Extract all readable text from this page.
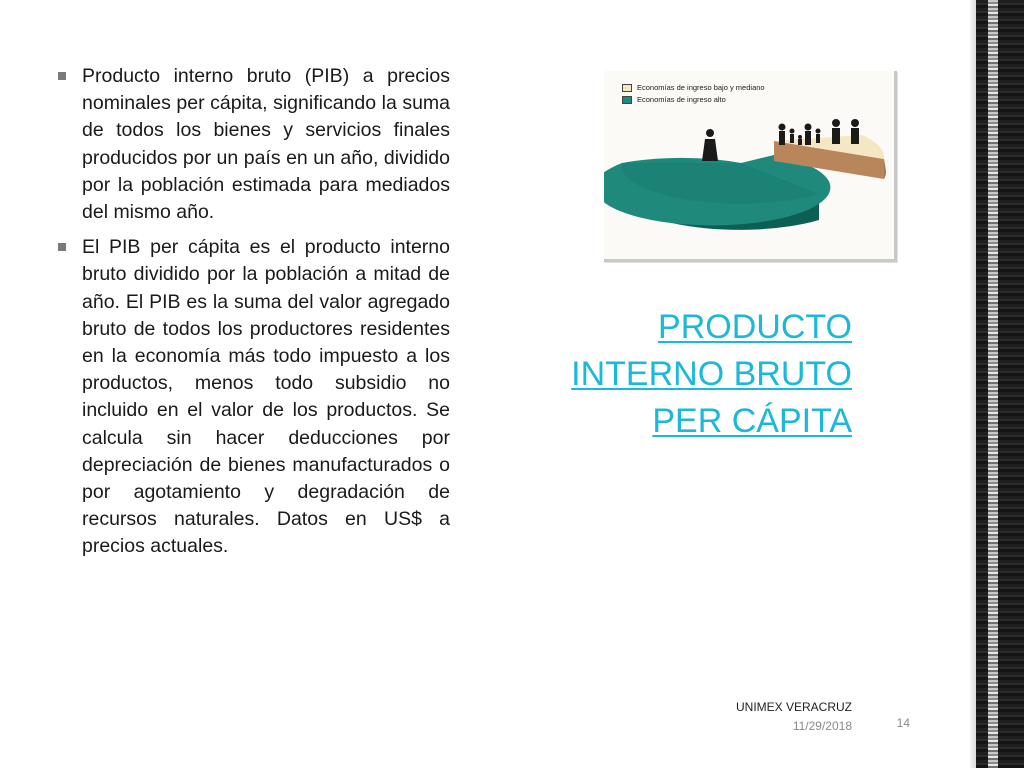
Producto interno bruto (PIB) a precios nominales per cápita, significando la suma de todos los bienes y servicios finales producidos por un país en un año, dividido por la población estimada para mediados del mismo año.
El PIB per cápita es el producto interno bruto dividido por la población a mitad de año. El PIB es la suma del valor agregado bruto de todos los productores residentes en la economía más todo impuesto a los productos, menos todo subsidio no incluido en el valor de los productos. Se calcula sin hacer deducciones por depreciación de bienes manufacturados o por agotamiento y degradación de recursos naturales. Datos en US$ a precios actuales.
Economías de ingreso bajo y mediano
Economías de ingreso alto
PRODUCTO
INTERNO BRUTO
PER CÁPITA
UNIMEX VERACRUZ
11/29/2018	14
